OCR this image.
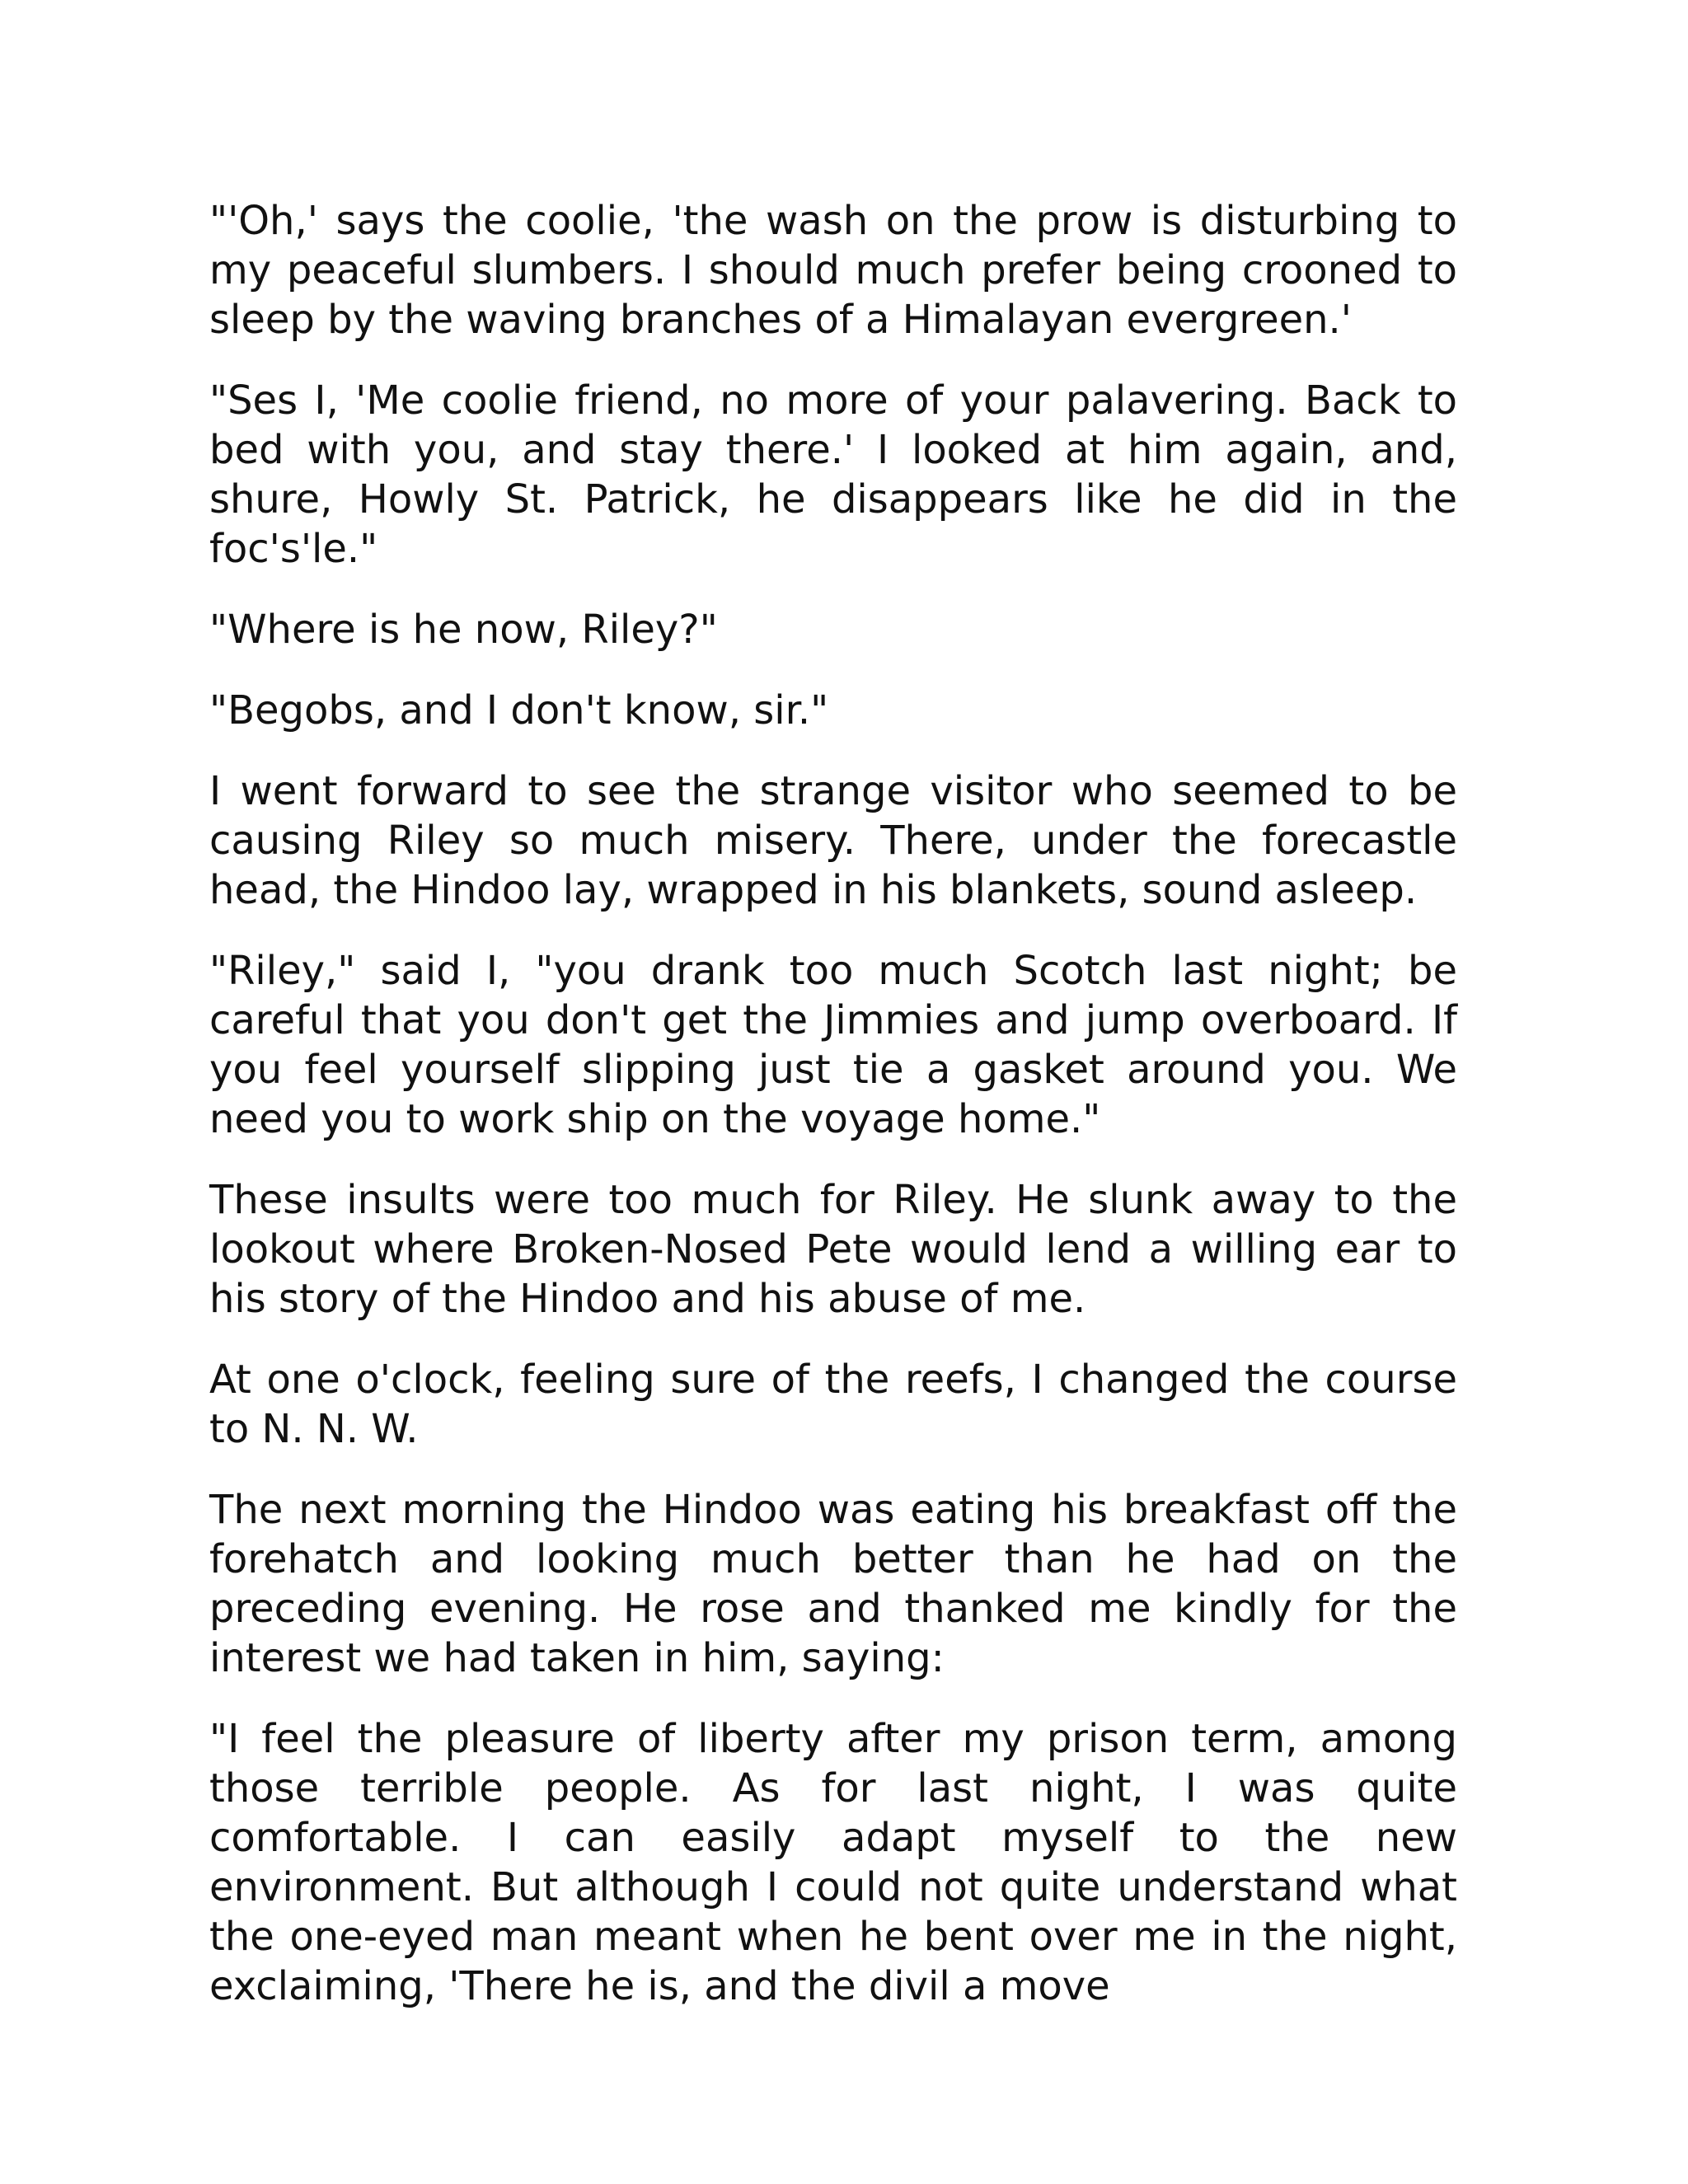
"'Oh,' says the coolie, 'the wash on the prow is disturbing to my peaceful slumbers. I should much prefer being crooned to sleep by the waving branches of a Himalayan evergreen.'

"Ses I, 'Me coolie friend, no more of your palavering. Back to bed with you, and stay there.' I looked at him again, and, shure, Howly St. Patrick, he disappears like he did in the foc's'le."

"Where is he now, Riley?"

"Begobs, and I don't know, sir."

I went forward to see the strange visitor who seemed to be causing Riley so much misery. There, under the forecastle head, the Hindoo lay, wrapped in his blankets, sound asleep.

"Riley," said I, "you drank too much Scotch last night; be careful that you don't get the Jimmies and jump overboard. If you feel yourself slipping just tie a gasket around you. We need you to work ship on the voyage home."

These insults were too much for Riley. He slunk away to the lookout where Broken-Nosed Pete would lend a willing ear to his story of the Hindoo and his abuse of me.

At one o'clock, feeling sure of the reefs, I changed the course to N. N. W.

The next morning the Hindoo was eating his breakfast off the forehatch and looking much better than he had on the preceding evening. He rose and thanked me kindly for the interest we had taken in him, saying:

"I feel the pleasure of liberty after my prison term, among those terrible people. As for last night, I was quite comfortable. I can easily adapt myself to the new environment. But although I could not quite understand what the one-eyed man meant when he bent over me in the night, exclaiming, 'There he is, and the divil a move
